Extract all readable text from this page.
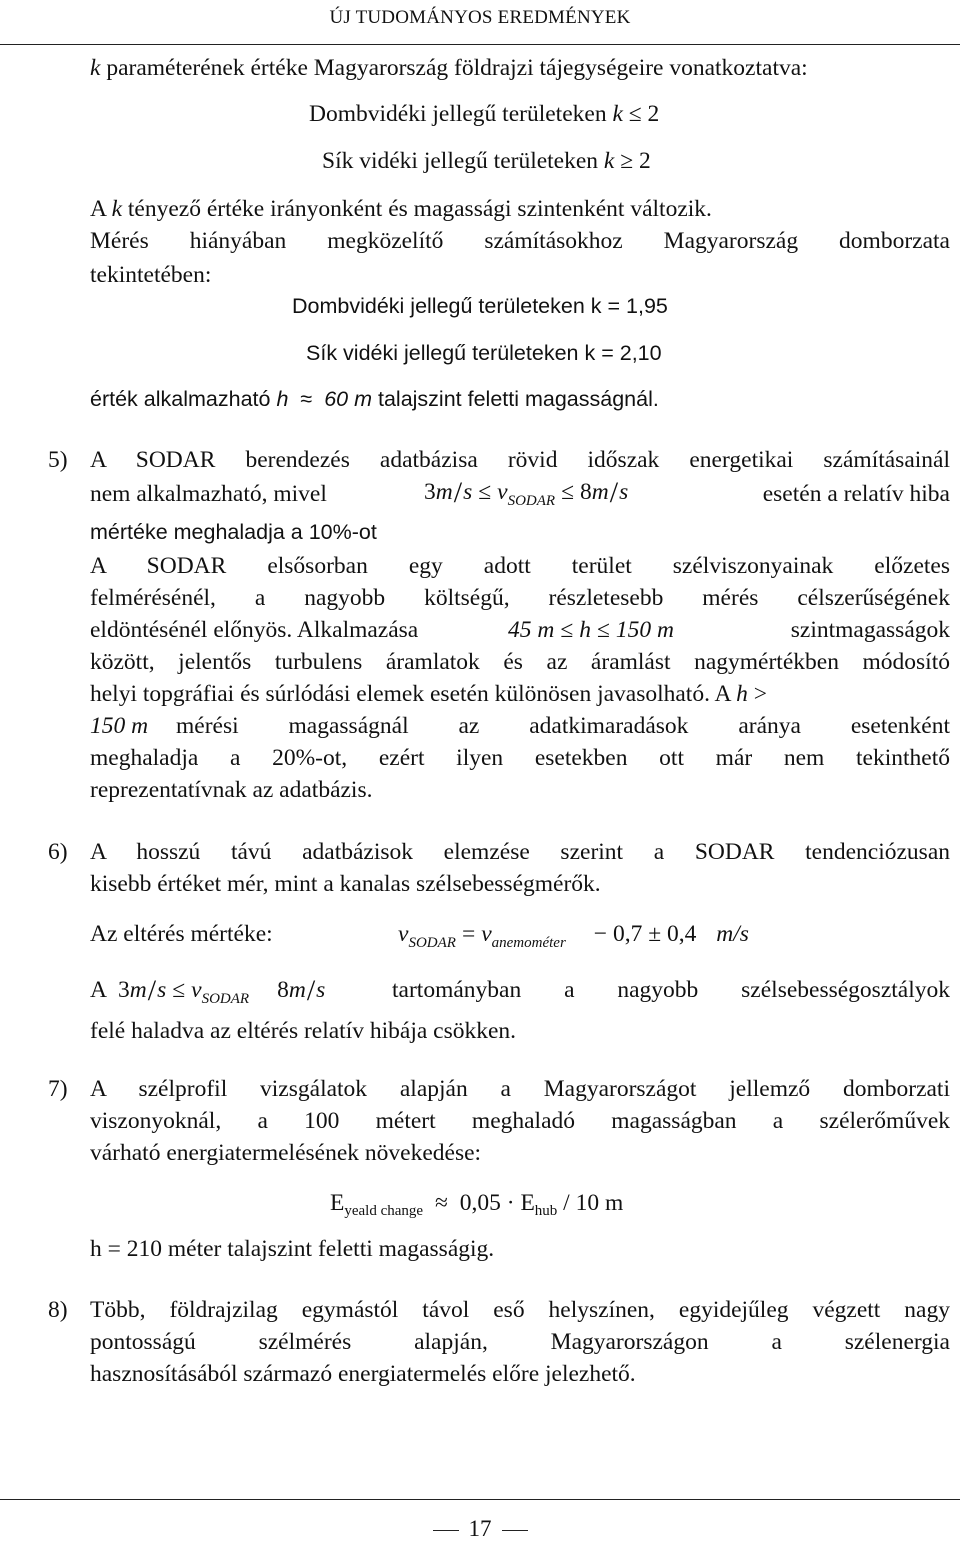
ÚJ TUDOMÁNYOS EREDMÉNYEK
k paraméterének értéke Magyarország földrajzi tájegységeire vonatkoztatva:
Dombvidéki jellegű területeken k ≤ 2
Sík vidéki jellegű területeken k ≥ 2
A k tényező értéke irányonként és magassági szintenként változik.
Mérés hiányában megközelítő számításokhoz Magyarország domborzata
tekintetében:
Dombvidéki jellegű területeken k = 1,95
Sík vidéki jellegű területeken k = 2,10
érték alkalmazható h ≈ 60 m talajszint feletti magasságnál.
5) A SODAR berendezés adatbázisa rövid időszak energetikai számításainál
nem alkalmazható, mivel	$3m/s \le v_{SODAR} \le 8m/s$	esetén a relatív hiba
mértéke meghaladja a 10%-ot
A SODAR elsősorban egy adott terület szélviszonyainak előzetes
felmérésénél, a nagyobb költségű, részletesebb mérés célszerűségének
eldöntésénél előnyös. Alkalmazása	45 m ≤ h ≤ 150 m	szintmagasságok
között, jelentős turbulens áramlatok és az áramlást nagymértékben módosító
helyi topgráfiai és súrlódási elemek esetén különösen javasolható. A h >
150 m mérési magasságnál az adatkimaradások aránya esetenként
meghaladja a 20%-ot, ezért ilyen esetekben ott már nem tekinthető
reprezentatívnak az adatbázis.
6) A hosszú távú adatbázisok elemzése szerint a SODAR tendenciózusan
kisebb értéket mér, mint a kanalas szélsebességmérők.
Az eltérés mértéke:	$v_{SODAR} = v_{anemométer} - 0,7 \pm 0,4$ m/s
A $3m/s \le v_{SODAR}$ 8m/s	tartományban a nagyobb szélsebességosztályok
felé haladva az eltérés relatív hibája csökken.
7) A szélprofil vizsgálatok alapján a Magyarországot jellemző domborzati
viszonyoknál, a 100 métert meghaladó magasságban a szélerőművek
várható energiatermelésének növekedése:
$E_{yeald change} \approx 0,05 \cdot E_{hub} / 10$ m
h = 210 méter talajszint feletti magasságig.
8) Több, földrajzilag egymástól távol eső helyszínen, egyidejűleg végzett nagy
pontosságú szélmérés alapján, Magyarországon a szélenergia
hasznosításából származó energiatermelés előre jelezhető.
17
